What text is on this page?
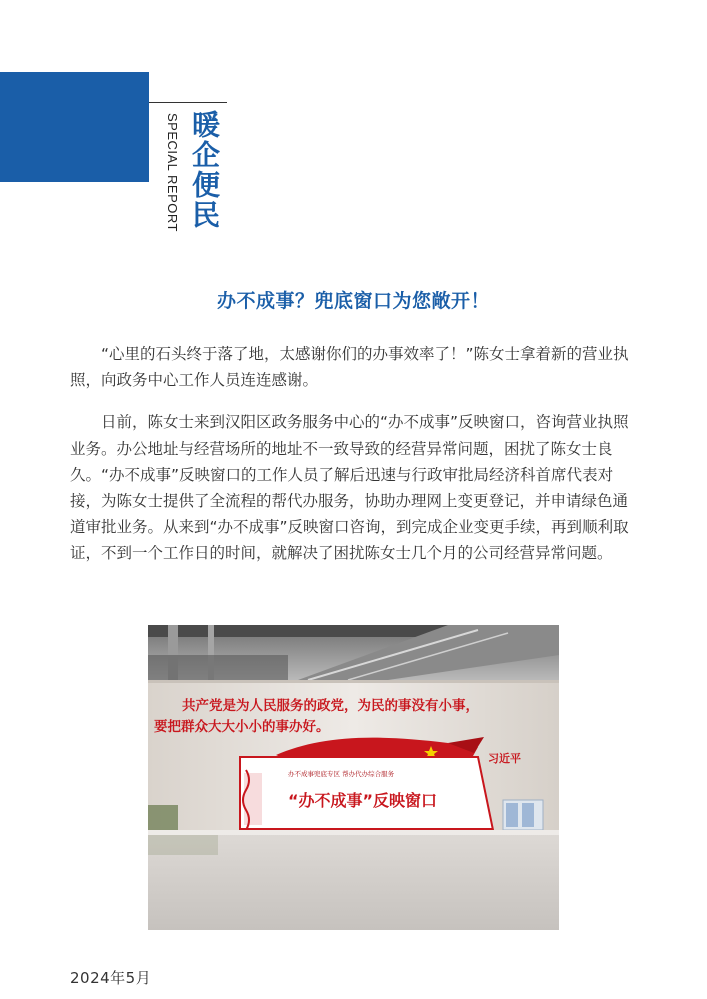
SPECIAL REPORT 暖企便民
办不成事？兜底窗口为您敞开！

“心里的石头终于落了地，太感谢你们的办事效率了！”陈女士拿着新的营业执照，向政务中心工作人员连连感谢。

日前，陈女士来到汉阳区政务服务中心的“办不成事”反映窗口，咨询营业执照业务。办公地址与经营场所的地址不一致导致的经营异常问题，困扰了陈女士良久。“办不成事”反映窗口的工作人员了解后迅速与行政审批局经济科首席代表对接，为陈女士提供了全流程的帮代办服务，协助办理网上变更登记，并申请绿色通道审批业务。从来到“办不成事”反映窗口咨询，到完成企业变更手续，再到顺利取证，不到一个工作日的时间，就解决了困扰陈女士几个月的公司经营异常问题。

共产党是为人民服务的政党，为民的事没有小事，
要把群众大大小小的事办好。
习近平
办不成事兜底专区 帮办代办综合服务
“办不成事”反映窗口
2024年5月
